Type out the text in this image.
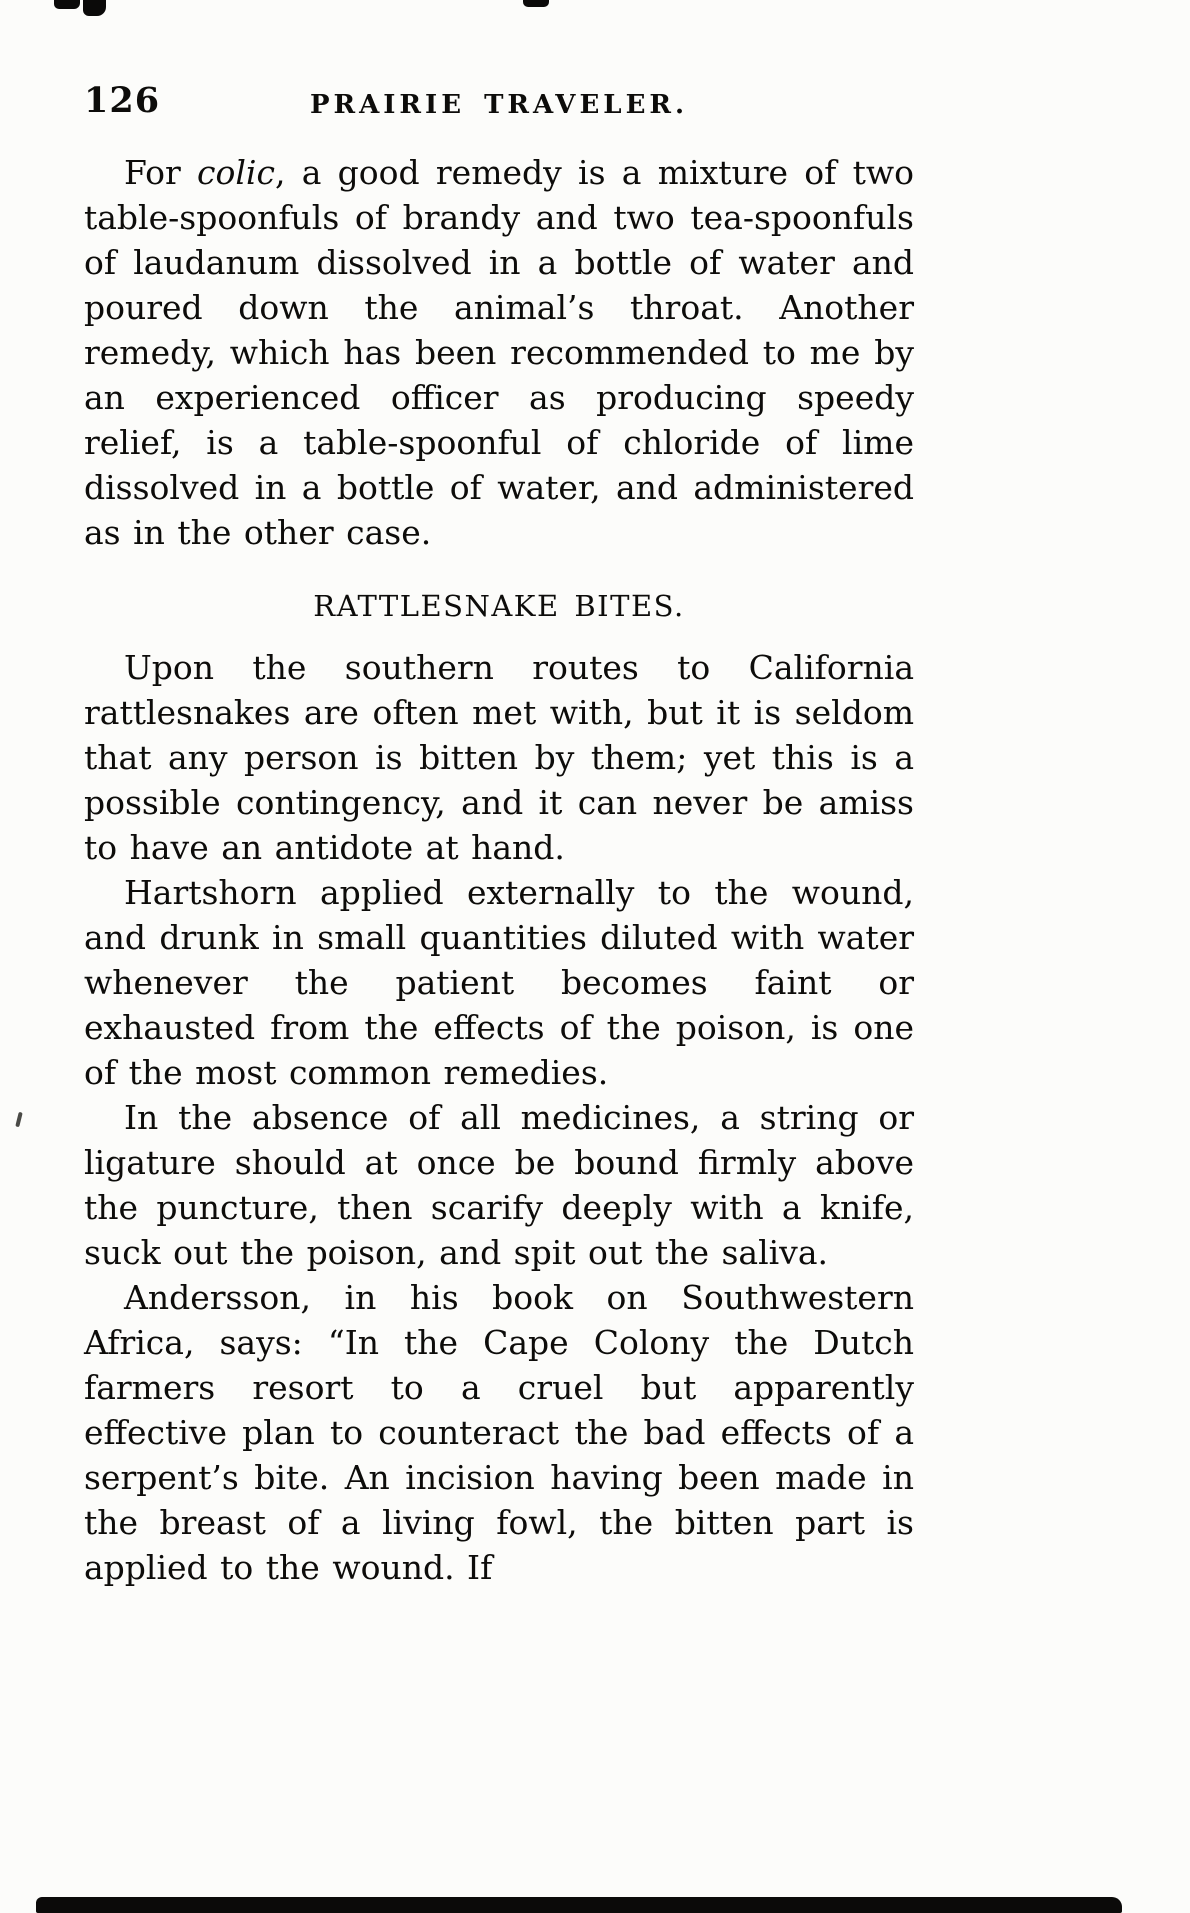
126	PRAIRIE TRAVELER.

For colic, a good remedy is a mixture of two table-spoonfuls of brandy and two tea-spoonfuls of laudanum dissolved in a bottle of water and poured down the animal’s throat. Another remedy, which has been recommended to me by an experienced officer as producing speedy relief, is a table-spoonful of chloride of lime dissolved in a bottle of water, and administered as in the other case.

RATTLESNAKE BITES.

Upon the southern routes to California rattlesnakes are often met with, but it is seldom that any person is bitten by them; yet this is a possible contingency, and it can never be amiss to have an antidote at hand.

Hartshorn applied externally to the wound, and drunk in small quantities diluted with water whenever the patient becomes faint or exhausted from the effects of the poison, is one of the most common remedies.

In the absence of all medicines, a string or ligature should at once be bound firmly above the puncture, then scarify deeply with a knife, suck out the poison, and spit out the saliva.

Andersson, in his book on Southwestern Africa, says: “In the Cape Colony the Dutch farmers resort to a cruel but apparently effective plan to counteract the bad effects of a serpent’s bite. An incision having been made in the breast of a living fowl, the bitten part is applied to the wound. If
